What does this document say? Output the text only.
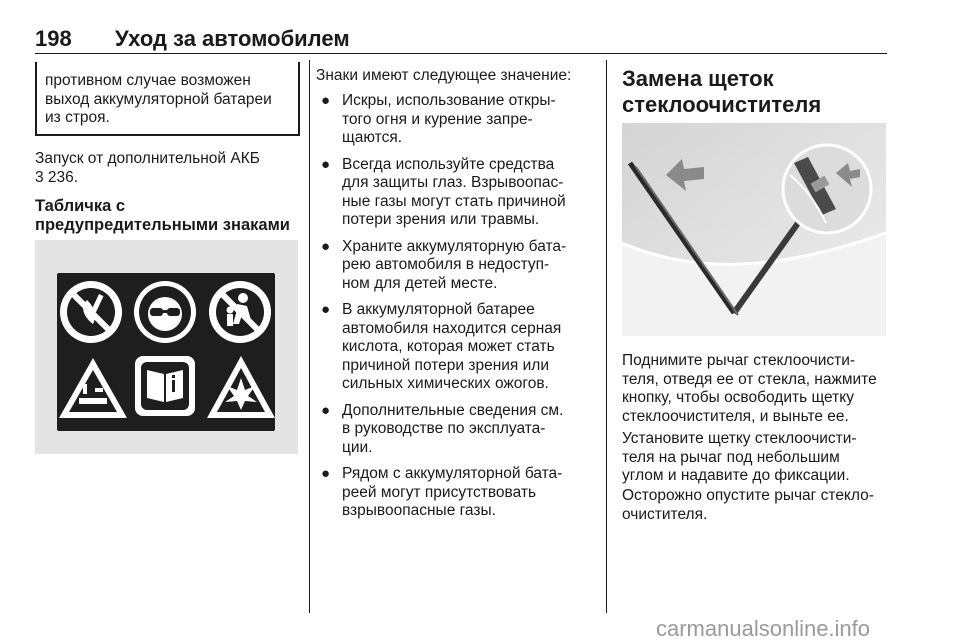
198 Уход за автомобилем
противном случае возможен
выход аккумуляторной батареи
из строя.
Запуск от дополнительной АКБ
3 236.
Табличка с
предупредительными знаками
Знаки имеют следующее значение:
● Искры, использование откры-
того огня и курение запре-
щаются.
● Всегда используйте средства
для защиты глаз. Взрывоопас-
ные газы могут стать причиной
потери зрения или травмы.
● Храните аккумуляторную бата-
рею автомобиля в недоступ-
ном для детей месте.
● В аккумуляторной батарее
автомобиля находится серная
кислота, которая может стать
причиной потери зрения или
сильных химических ожогов.
● Дополнительные сведения см.
в руководстве по эксплуата-
ции.
● Рядом с аккумуляторной бата-
реей могут присутствовать
взрывоопасные газы.
Замена щеток
стеклоочистителя
Поднимите рычаг стеклоочисти-
теля, отведя ее от стекла, нажмите
кнопку, чтобы освободить щетку
стеклоочистителя, и выньте ее.
Установите щетку стеклоочисти-
теля на рычаг под небольшим
углом и надавите до фиксации.
Осторожно опустите рычаг стекло-
очистителя.
carmanualsonline.info
